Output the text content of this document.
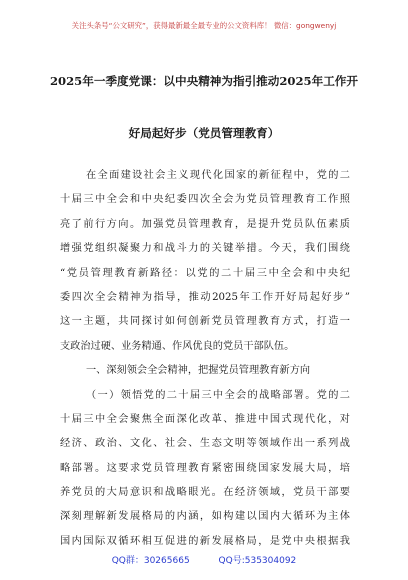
关注头条号“公文研究”，获得最新最全最专业的公文资料库！ 微信：gongwenyj
2025年一季度党课：以中央精神为指引推动2025年工作开
好局起好步（党员管理教育）
在全面建设社会主义现代化国家的新征程中，党的二
十届三中全会和中央纪委四次全会为党员管理教育工作照
亮了前行方向。加强党员管理教育，是提升党员队伍素质
增强党组织凝聚力和战斗力的关键举措。今天，我们围绕
“党员管理教育新路径：以党的二十届三中全会和中央纪
委四次全会精神为指导，推动2025年工作开好局起好步”
这一主题，共同探讨如何创新党员管理教育方式，打造一
支政治过硬、业务精通、作风优良的党员干部队伍。
一、深刻领会全会精神，把握党员管理教育新方向
（一）领悟党的二十届三中全会的战略部署。党的二
十届三中全会聚焦全面深化改革、推进中国式现代化，对
经济、政治、文化、社会、生态文明等领域作出一系列战
略部署。这要求党员管理教育紧密围绕国家发展大局，培
养党员的大局意识和战略眼光。在经济领域，党员干部要
深刻理解新发展格局的内涵，如构建以国内大循环为主体
国内国际双循环相互促进的新发展格局，是党中央根据我
QQ群：30265665	QQ号:535304092
